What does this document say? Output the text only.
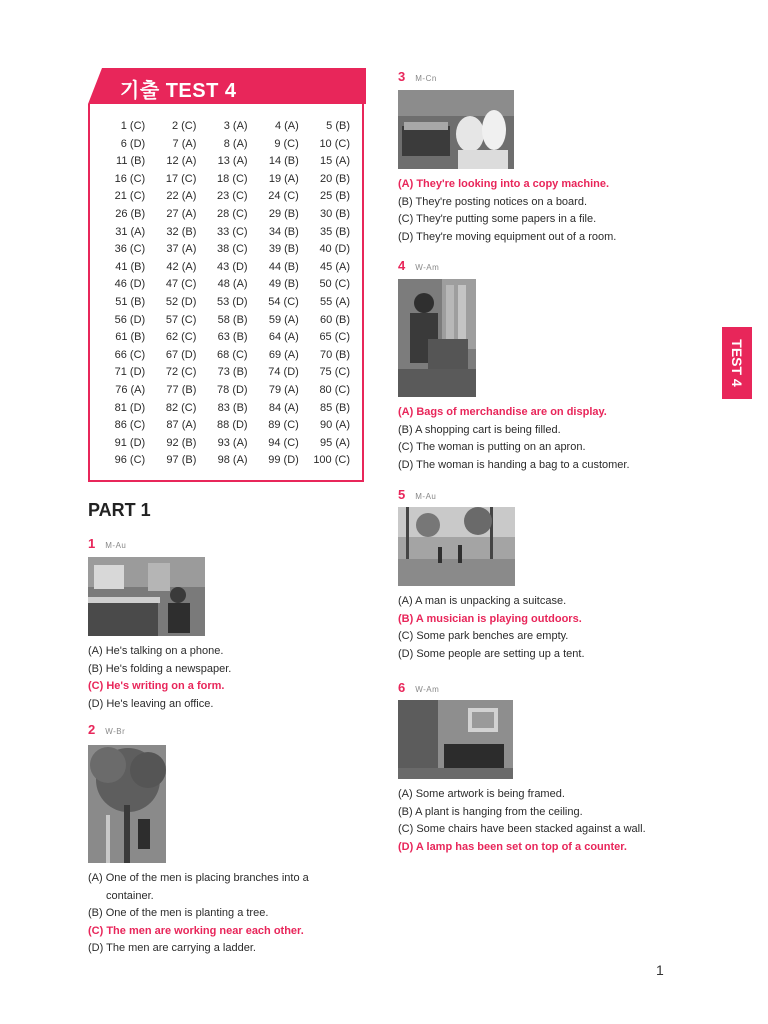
기출 TEST 4
1 (C)	2 (C)	3 (A)	4 (A)	5 (B)
6 (D)	7 (A)	8 (A)	9 (C)	10 (C)
11 (B)	12 (A)	13 (A)	14 (B)	15 (A)
16 (C)	17 (C)	18 (C)	19 (A)	20 (B)
21 (C)	22 (A)	23 (C)	24 (C)	25 (B)
26 (B)	27 (A)	28 (C)	29 (B)	30 (B)
31 (A)	32 (B)	33 (C)	34 (B)	35 (B)
36 (C)	37 (A)	38 (C)	39 (B)	40 (D)
41 (B)	42 (A)	43 (D)	44 (B)	45 (A)
46 (D)	47 (C)	48 (A)	49 (B)	50 (C)
51 (B)	52 (D)	53 (D)	54 (C)	55 (A)
56 (D)	57 (C)	58 (B)	59 (A)	60 (B)
61 (B)	62 (C)	63 (B)	64 (A)	65 (C)
66 (C)	67 (D)	68 (C)	69 (A)	70 (B)
71 (D)	72 (C)	73 (B)	74 (D)	75 (C)
76 (A)	77 (B)	78 (D)	79 (A)	80 (C)
81 (D)	82 (C)	83 (B)	84 (A)	85 (B)
86 (C)	87 (A)	88 (D)	89 (C)	90 (A)
91 (D)	92 (B)	93 (A)	94 (C)	95 (A)
96 (C)	97 (B)	98 (A)	99 (D)	100 (C)
PART 1
1 M-Au
(A) He's talking on a phone.
(B) He's folding a newspaper.
(C) He's writing on a form.
(D) He's leaving an office.
2 W-Br
(A) One of the men is placing branches into a
container.
(B) One of the men is planting a tree.
(C) The men are working near each other.
(D) The men are carrying a ladder.
3 M-Cn
(A) They're looking into a copy machine.
(B) They're posting notices on a board.
(C) They're putting some papers in a file.
(D) They're moving equipment out of a room.
4 W-Am
(A) Bags of merchandise are on display.
(B) A shopping cart is being filled.
(C) The woman is putting on an apron.
(D) The woman is handing a bag to a customer.
5 M-Au
(A) A man is unpacking a suitcase.
(B) A musician is playing outdoors.
(C) Some park benches are empty.
(D) Some people are setting up a tent.
6 W-Am
(A) Some artwork is being framed.
(B) A plant is hanging from the ceiling.
(C) Some chairs have been stacked against a wall.
(D) A lamp has been set on top of a counter.
TEST 4
1
